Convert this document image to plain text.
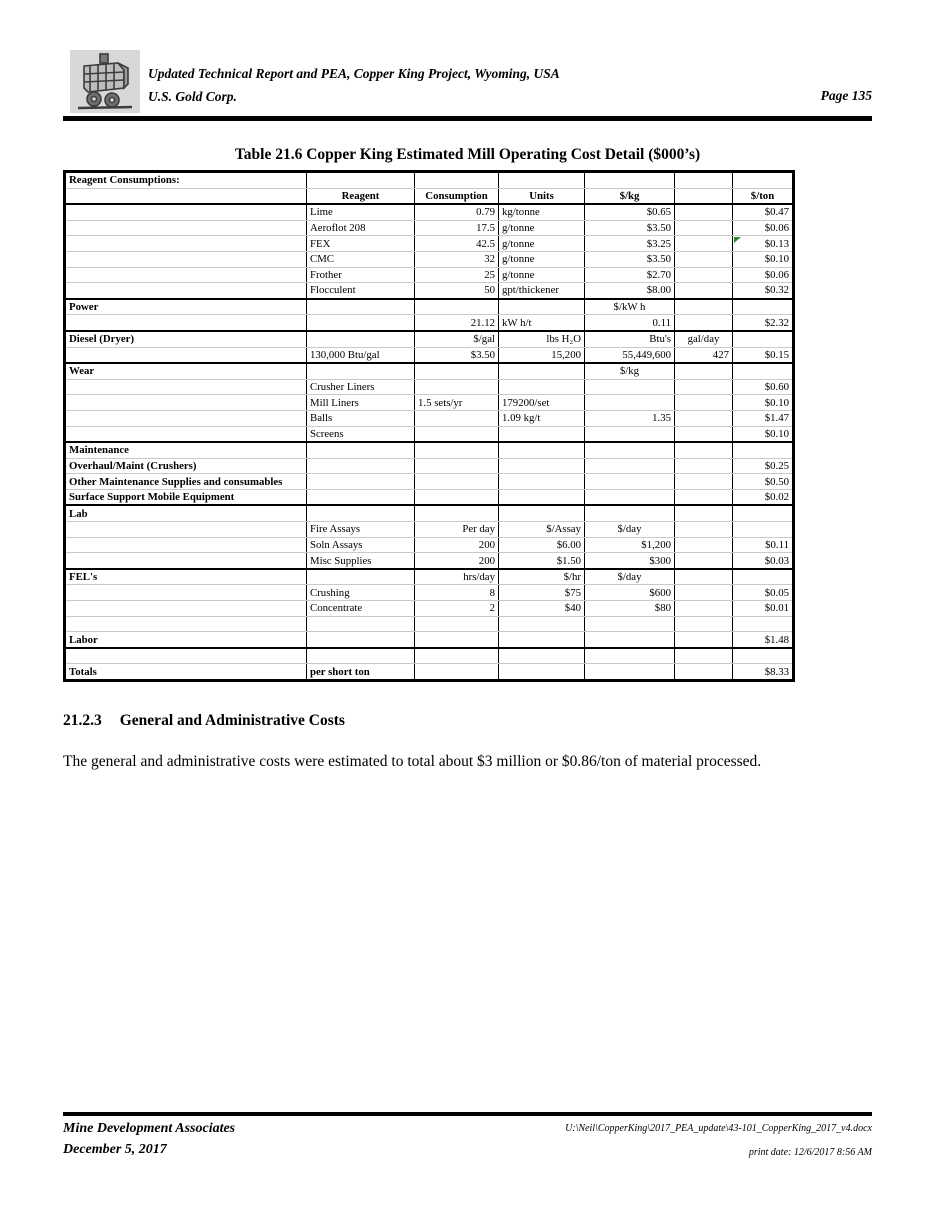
Updated Technical Report and PEA, Copper King Project, Wyoming, USA
U.S. Gold Corp.	Page 135
Table 21.6 Copper King Estimated Mill Operating Cost Detail ($000’s)
Reagent Consumptions:						
	Reagent	Consumption	Units	$/kg		$/ton
	Lime	0.79	kg/tonne	$0.65		$0.47
	Aeroflot 208	17.5	g/tonne	$3.50		$0.06
	FEX	42.5	g/tonne	$3.25		$0.13
	CMC	32	g/tonne	$3.50		$0.10
	Frother	25	g/tonne	$2.70		$0.06
	Flocculent	50	gpt/thickener	$8.00		$0.32
Power				$/kW h		
		21.12	kW h/t	0.11		$2.32
Diesel (Dryer)		$/gal	lbs H₂O	Btu's	gal/day	
	130,000 Btu/gal	$3.50	15,200	55,449,600	427	$0.15
Wear				$/kg		
	Crusher Liners					$0.60
	Mill Liners	1.5 sets/yr	179200/set			$0.10
	Balls		1.09 kg/t	1.35		$1.47
	Screens					$0.10
Maintenance						
Overhaul/Maint (Crushers)						$0.25
Other Maintenance Supplies and consumables						$0.50
Surface Support Mobile Equipment						$0.02
Lab						
	Fire Assays	Per day	$/Assay	$/day		
	Soln Assays	200	$6.00	$1,200		$0.11
	Misc Supplies	200	$1.50	$300		$0.03
FEL's		hrs/day	$/hr	$/day		
	Crushing	8	$75	$600		$0.05
	Concentrate	2	$40	$80		$0.01

Labor						$1.48

Totals	per short ton					$8.33
21.2.3 General and Administrative Costs
The general and administrative costs were estimated to total about $3 million or $0.86/ton of material processed.
Mine Development Associates
December 5, 2017
U:\Neil\CopperKing\2017_PEA_update\43-101_CopperKing_2017_v4.docx
print date: 12/6/2017 8:56 AM
